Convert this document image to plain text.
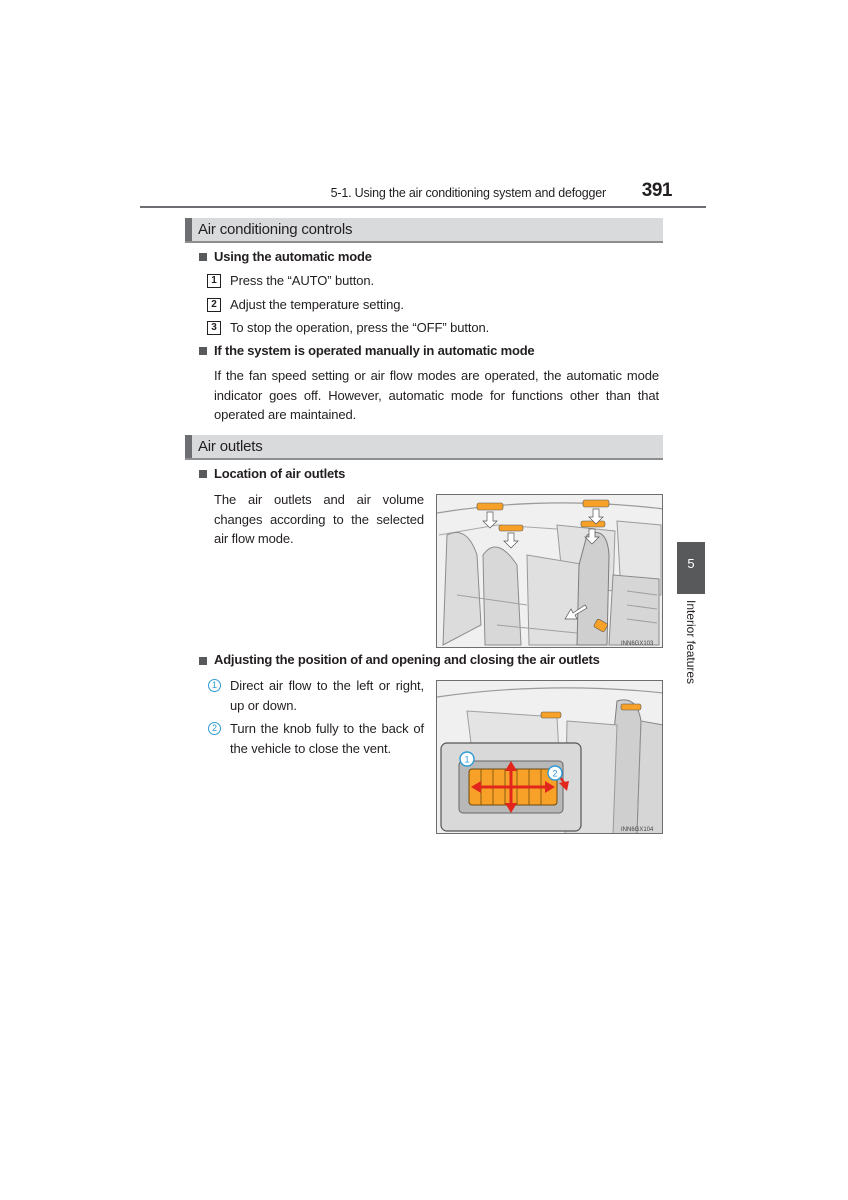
5-1. Using the air conditioning system and defogger	391
5
Interior features
Air conditioning controls
Using the automatic mode
1	Press the “AUTO” button.
2	Adjust the temperature setting.
3	To stop the operation, press the “OFF” button.
If the system is operated manually in automatic mode
If the fan speed setting or air flow modes are operated, the automatic mode indicator goes off. However, automatic mode for functions other than that operated are maintained.
Air outlets
Location of air outlets
The air outlets and air volume changes according to the selected air flow mode.
INN6GX103
Adjusting the position of and opening and closing the air outlets
1	Direct air flow to the left or right, up or down.
2	Turn the knob fully to the back of the vehicle to close the vent.
1
2
INN6GX104
